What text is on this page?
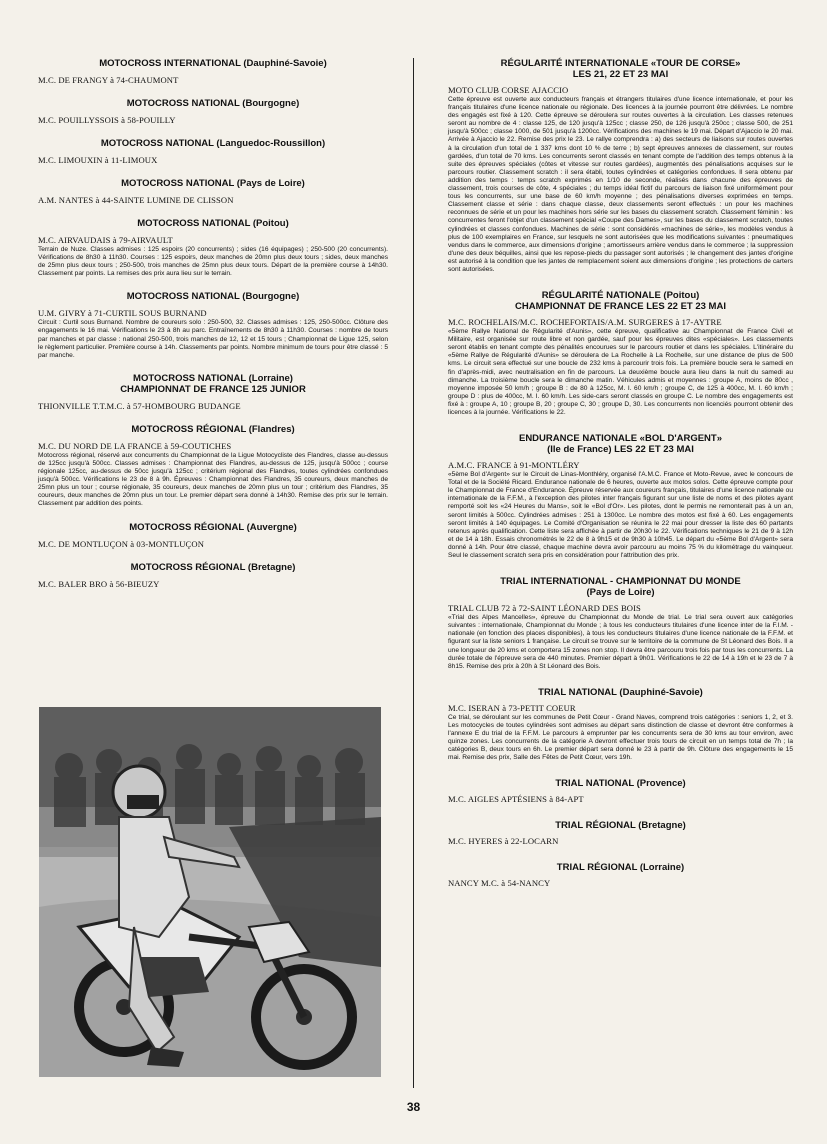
MOTOCROSS INTERNATIONAL (Dauphiné-Savoie)
M.C. DE FRANGY à 74-CHAUMONT
MOTOCROSS NATIONAL (Bourgogne)
M.C. POUILLYSSOIS à 58-POUILLY
MOTOCROSS NATIONAL (Languedoc-Roussillon)
M.C. LIMOUXIN à 11-LIMOUX
MOTOCROSS NATIONAL (Pays de Loire)
A.M. NANTES à 44-SAINTE LUMINE DE CLISSON
MOTOCROSS NATIONAL (Poitou)
M.C. AIRVAUDAIS à 79-AIRVAULT
Terrain de Nuze. Classes admises : 125 espoirs (20 concurrents) ; sides (16 équipages) ; 250-500 (20 concurrents). Vérifications de 8h30 à 11h30. Courses : 125 espoirs, deux manches de 20mn plus deux tours ; sides, deux manches de 25mn plus deux tours ; 250-500, trois manches de 25mn plus deux tours. Départ de la première course à 14h30. Classement par points. La remises des prix aura lieu sur le terrain.
MOTOCROSS NATIONAL (Bourgogne)
U.M. GIVRY à 71-CURTIL SOUS BURNAND
Circuit : Curtil sous Burnand. Nombre de coureurs solo : 250-500, 32. Classes admises : 125, 250-500cc. Clôture des engagements le 16 mai. Vérifications le 23 à 8h au parc. Entraînements de 8h30 à 11h30. Courses : nombre de tours par manches et par classe : national 250-500, trois manches de 12, 12 et 15 tours ; Championnat de Ligue 125, selon le règlement particulier. Première course à 14h. Classements par points. Nombre minimum de tours pour être classé : 5 par manche.
MOTOCROSS NATIONAL (Lorraine)
CHAMPIONNAT DE FRANCE 125 JUNIOR
THIONVILLE T.T.M.C. à 57-HOMBOURG BUDANGE
MOTOCROSS RÉGIONAL (Flandres)
M.C. DU NORD DE LA FRANCE à 59-COUTICHES
Motocross régional, réservé aux concurrents du Championnat de la Ligue Motocycliste des Flandres, classe au-dessus de 125cc jusqu'à 500cc. Classes admises : Championnat des Flandres, au-dessus de 125, jusqu'à 500cc ; course régionale 125cc, au-dessus de 50cc jusqu'à 125cc ; critérium régional des Flandres, toutes cylindrées confondues jusqu'à 500cc. Vérifications le 23 de 8 à 9h. Épreuves : Championnat des Flandres, 35 coureurs, deux manches de 25mn plus un tour ; course régionale, 35 coureurs, deux manches de 20mn plus un tour ; critérium des Flandres, 35 coureurs, deux manches de 20mn plus un tour. Le premier départ sera donné à 14h30. Remise des prix sur le terrain. Classement par addition des points.
MOTOCROSS RÉGIONAL (Auvergne)
M.C. DE MONTLUÇON à 03-MONTLUÇON
MOTOCROSS RÉGIONAL (Bretagne)
M.C. BALER BRO à 56-BIEUZY
RÉGULARITÉ INTERNATIONALE «TOUR DE CORSE»
LES 21, 22 ET 23 MAI
MOTO CLUB CORSE AJACCIO
Cette épreuve est ouverte aux conducteurs français et étrangers titulaires d'une licence internationale, et pour les français titulaires d'une licence nationale ou régionale. Des licences à la journée pourront être délivrées. Le nombre des engagés est fixé à 120. Cette épreuve se déroulera sur routes ouvertes à la circulation. Les classes retenues seront au nombre de 4 : classe 125, de 120 jusqu'à 125cc ; classe 250, de 126 jusqu'à 250cc ; classe 500, de 251 jusqu'à 500cc ; classe 1000, de 501 jusqu'à 1200cc. Vérifications des machines le 19 mai. Départ d'Ajaccio le 20 mai. Arrivée à Ajaccio le 22. Remise des prix le 23. Le rallye comprendra : a) des secteurs de liaisons sur routes ouvertes à la circulation d'un total de 1 337 kms dont 10 % de terre ; b) sept épreuves annexes de classement, sur routes gardées, d'un total de 70 kms. Les concurrents seront classés en tenant compte de l'addition des temps obtenus à la suite des épreuves spéciales (côtes et vitesse sur routes gardées), augmentés des pénalisations acquises sur le parcours routier. Classement scratch : il sera établi, toutes cylindrées et catégories confondues. Il sera obtenu par addition des temps : temps scratch exprimés en 1/10 de seconde, réalisés dans chacune des épreuves de classement, trois courses de côte, 4 spéciales ; du temps idéal fictif du parcours de liaison fixé uniformément pour tous les concurrents, sur une base de 60 km/h moyenne ; des pénalisations diverses exprimées en temps. Classement classe et série : dans chaque classe, deux classements seront effectués : un pour les machines reconnues de série et un pour les machines hors série sur les bases du classement scratch. Classement féminin : les concurrentes feront l'objet d'un classement spécial «Coupe des Dames», sur les bases du classement scratch, toutes cylindrées et classes confondues. Machines de série : sont considérés «machines de série», les modèles vendus à plus de 100 exemplaires en France, sur lesquels ne sont autorisées que les modifications suivantes : pneumatiques vendus dans le commerce, aux dimensions d'origine ; amortisseurs arrière vendus dans le commerce ; la suppression d'une des deux béquilles, ainsi que les repose-pieds du passager sont autorisés ; le changement des jantes d'origine est autorisé à la condition que les jantes de remplacement soient aux dimensions d'origine ; les protections de carters sont autorisées.
RÉGULARITÉ NATIONALE (Poitou)
CHAMPIONNAT DE FRANCE LES 22 ET 23 MAI
M.C. ROCHELAIS/M.C. ROCHEFORTAIS/A.M. SURGERES à 17-AYTRE
«5ème Rallye National de Régularité d'Aunis», cette épreuve, qualificative au Championnat de France Civil et Militaire, est organisée sur route libre et non gardée, sauf pour les épreuves dites «spéciales». Les classements seront établis en tenant compte des pénalités encourues sur le parcours routier et dans les spéciales. L'itinéraire du «5ème Rallye de Régularité d'Aunis» se déroulera de La Rochelle à La Rochelle, sur une distance de plus de 500 kms. Le circuit sera effectué sur une boucle de 232 kms à parcourir trois fois. La première boucle sera le samedi en fin d'après-midi, avec neutralisation en fin de parcours. La deuxième boucle aura lieu dans la nuit du samedi au dimanche. La troisième boucle sera le dimanche matin. Véhicules admis et moyennes : groupe A, moins de 80cc , moyenne imposée 50 km/h ; groupe B : de 80 à 125cc, M. I. 60 km/h ; groupe C, de 125 à 400cc, M. I. 60 km/h ; groupe D : plus de 400cc, M. I. 60 km/h. Les side-cars seront classés en groupe C. Le nombre des engagements est fixé à : groupe A, 10 ; groupe B, 20 ; groupe C, 30 ; groupe D, 30. Les concurrents non licenciés pourront obtenir des licences à la journée. Vérifications le 22.
ENDURANCE NATIONALE «BOL D'ARGENT»
(Ile de France) LES 22 ET 23 MAI
A.M.C. FRANCE à 91-MONTLÉRY
«5ème Bol d'Argent» sur le Circuit de Linas-Monthléry, organisé l'A.M.C. France et Moto-Revue, avec le concours de Total et de la Société Ricard. Endurance nationale de 6 heures, ouverte aux motos solos. Cette épreuve compte pour le Championnat de France d'Endurance. Épreuve réservée aux coureurs français, titulaires d'une licence nationale ou internationale de la F.F.M., à l'exception des pilotes inter français figurant sur une liste de noms et des pilotes ayant remporté soit les «24 Heures du Mans», soit le «Bol d'Or». Les pilotes, dont le permis ne remonterait pas à un an, seront limités à 500cc. Cylindrées admises : 251 à 1300cc. Le nombre des motos est fixé à 60. Les engagements seront limités à 140 équipages. Le Comité d'Organisation se réunira le 22 mai pour dresser la liste des 60 partants retenus après qualification. Cette liste sera affichée à partir de 20h30 le 22. Vérifications techniques le 21 de 9 à 12h et de 14 à 18h. Essais chronométrés le 22 de 8 à 9h15 et de 9h30 à 10h45. Le départ du «5ème Bol d'Argent» sera donné à 14h. Pour être classé, chaque machine devra avoir parcouru au moins 75 % du kilométrage du vainqueur. Seul le classement scratch sera pris en considération pour l'attribution des prix.
TRIAL INTERNATIONAL - CHAMPIONNAT DU MONDE
(Pays de Loire)
TRIAL CLUB 72 à 72-SAINT LÉONARD DES BOIS
«Trial des Alpes Mancelles», épreuve du Championnat du Monde de trial. Le trial sera ouvert aux catégories suivantes : internationale, Championnat du Monde ; à tous les conducteurs titulaires d'une licence inter de la F.I.M. - nationale (en fonction des places disponibles), à tous les conducteurs titulaires d'une licence nationale de la F.F.M. et figurant sur la liste seniors 1 française. Le circuit se trouve sur le territoire de la commune de St Léonard des Bois. Il a une longueur de 20 kms et comportera 15 zones non stop. Il devra être parcouru trois fois par tous les concurrents. La durée totale de l'épreuve sera de 440 minutes. Premier départ à 9h01. Vérifications le 22 de 14 à 19h et le 23 de 7 à 8h15. Remise des prix à 20h à St Léonard des Bois.
TRIAL NATIONAL (Dauphiné-Savoie)
M.C. ISERAN à 73-PETIT COEUR
Ce trial, se déroulant sur les communes de Petit Cœur - Grand Naves, comprend trois catégories : seniors 1, 2, et 3. Les motocycles de toutes cylindrées sont admises au départ sans distinction de classe et devront être conformes à l'annexe E du trial de la F.F.M. Le parcours à emprunter par les concurrents sera de 30 kms au tour environ, avec quinze zones. Les concurrents de la catégorie A devront effectuer trois tours de circuit en un temps total de 7h ; la catégories B, deux tours en 6h. Le premier départ sera donné le 23 à partir de 9h. Clôture des engagements le 15 mai. Remise des prix, Salle des Fêtes de Petit Cœur, vers 19h.
TRIAL NATIONAL (Provence)
M.C. AIGLES APTÉSIENS à 84-APT
TRIAL RÉGIONAL (Bretagne)
M.C. HYERES à 22-LOCARN
TRIAL RÉGIONAL (Lorraine)
NANCY M.C. à 54-NANCY
38
